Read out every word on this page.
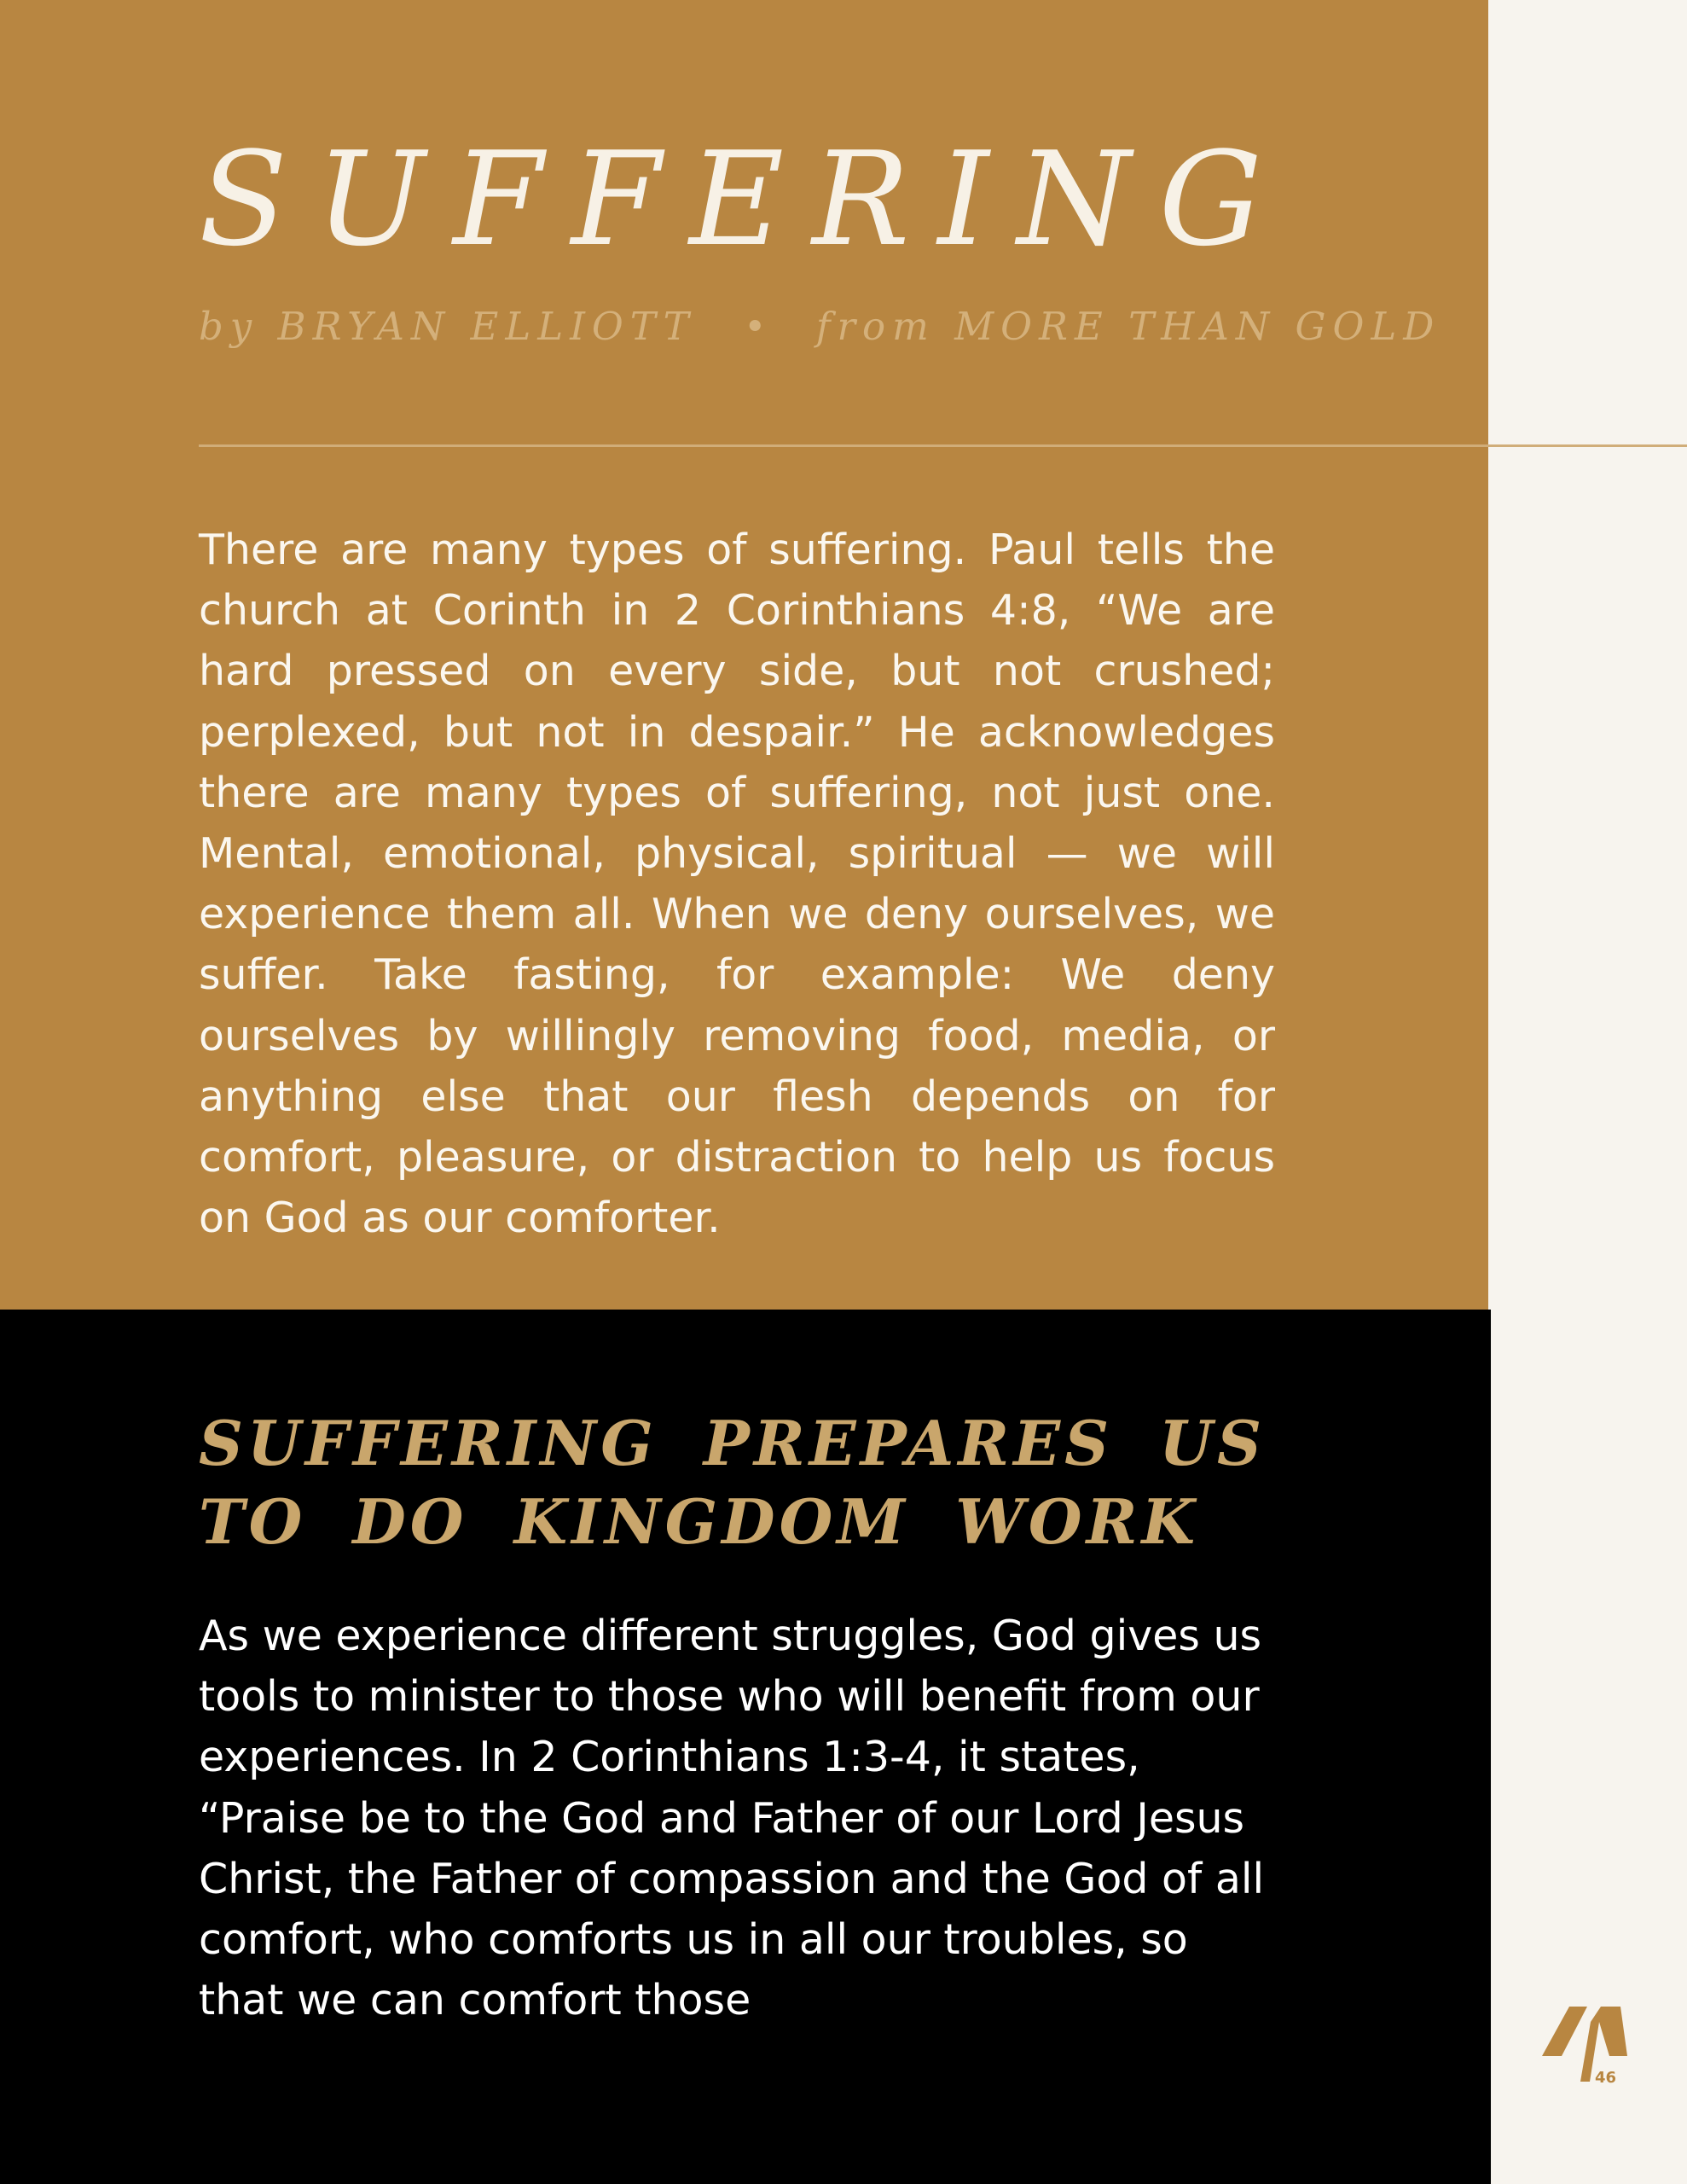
SUFFERING

by BRYAN ELLIOTT • from MORE THAN GOLD

There are many types of suffering. Paul tells the church at Corinth in 2 Corinthians 4:8, “We are hard pressed on every side, but not crushed; perplexed, but not in despair.” He acknowledges there are many types of suffering, not just one. Mental, emotional, physical, spiritual — we will experience them all. When we deny ourselves, we suffer. Take fasting, for example: We deny ourselves by willingly removing food, media, or anything else that our flesh depends on for comfort, pleasure, or distraction to help us focus on God as our comforter.

SUFFERING PREPARES US TO DO KINGDOM WORK

As we experience different struggles, God gives us tools to minister to those who will benefit from our experiences. In 2 Corinthians 1:3-4, it states, “Praise be to the God and Father of our Lord Jesus Christ, the Father of compassion and the God of all comfort, who comforts us in all our troubles, so that we can comfort those

46
